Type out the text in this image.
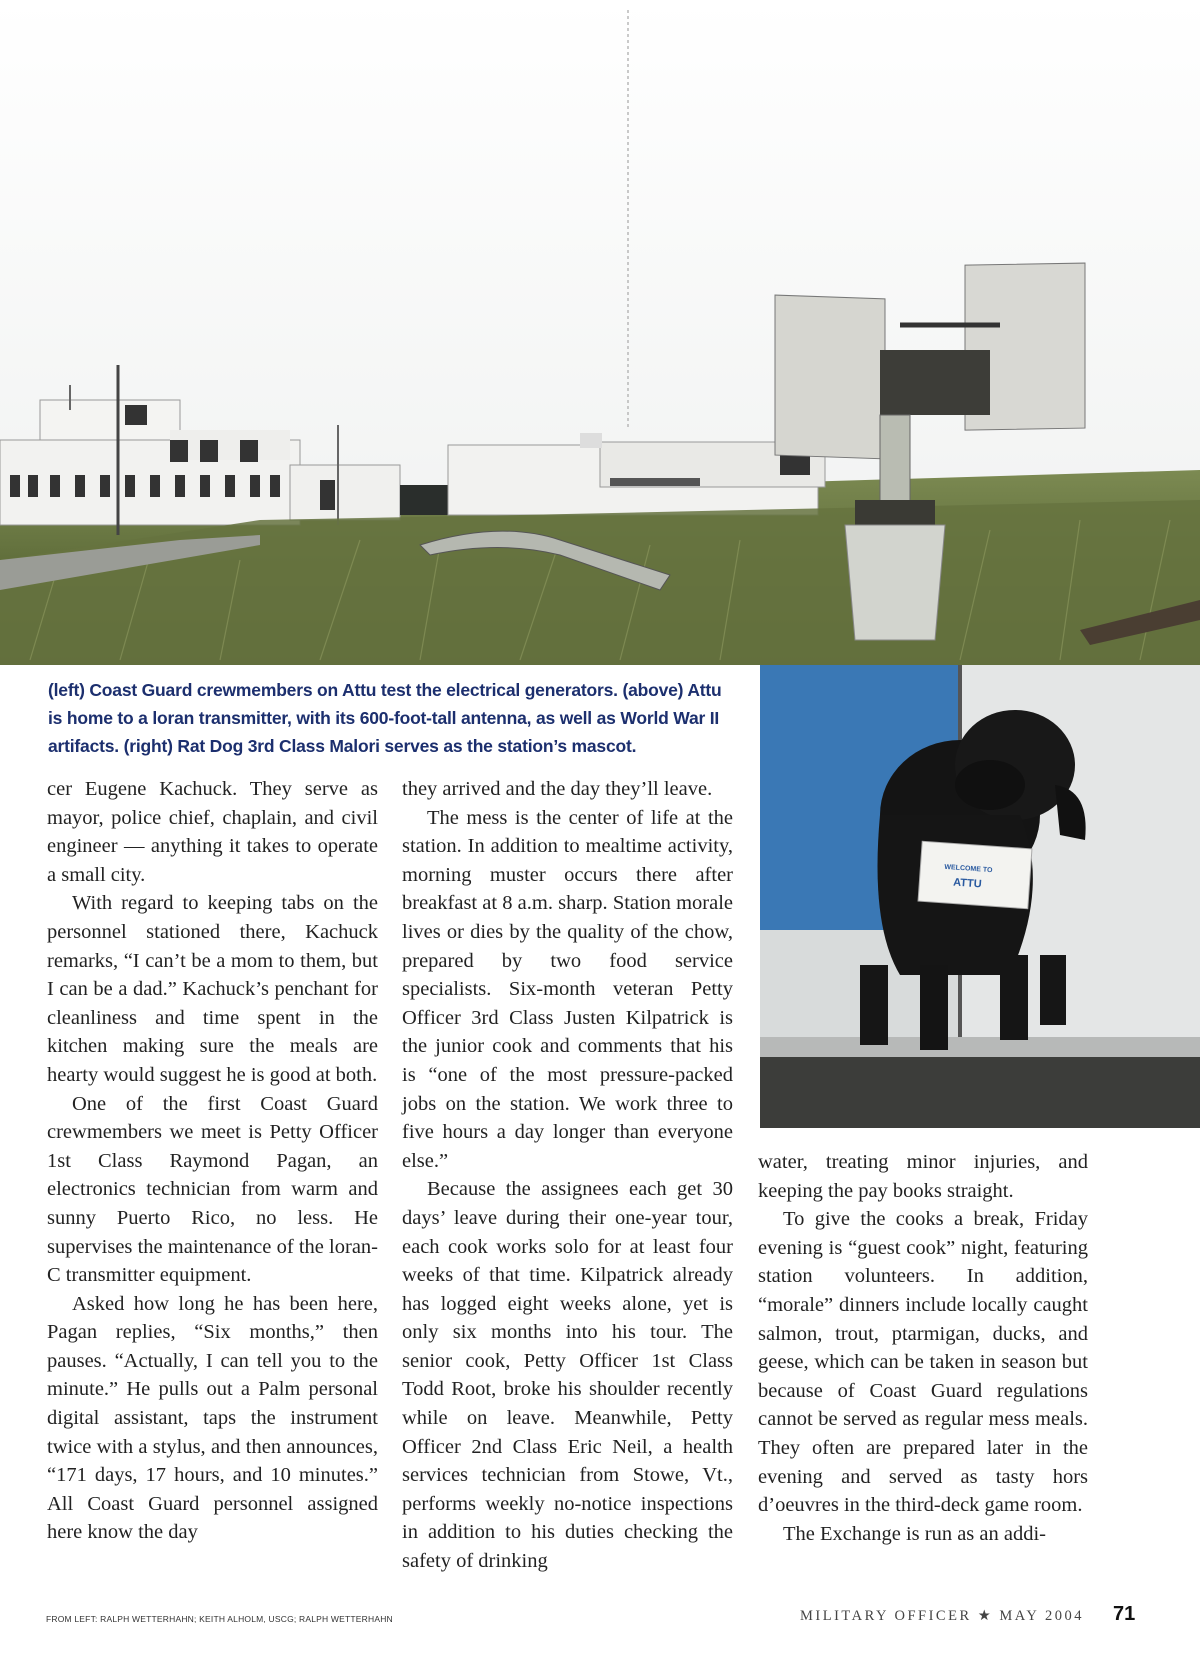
WELCOME TO
ATTU
(left) Coast Guard crewmembers on Attu test the electrical generators. (above) Attu
is home to a loran transmitter, with its 600-foot-tall antenna, as well as World War II
artifacts. (right) Rat Dog 3rd Class Malori serves as the station’s mascot.

cer Eugene Kachuck. They serve as mayor, police chief, chaplain, and civil engineer — anything it takes to operate a small city.

With regard to keeping tabs on the personnel stationed there, Kachuck remarks, “I can’t be a mom to them, but I can be a dad.” Kachuck’s penchant for cleanliness and time spent in the kitchen making sure the meals are hearty would suggest he is good at both.

One of the first Coast Guard crewmembers we meet is Petty Officer 1st Class Raymond Pagan, an electronics technician from warm and sunny Puerto Rico, no less. He supervises the maintenance of the loran-C transmitter equipment.

Asked how long he has been here, Pagan replies, “Six months,” then pauses. “Actually, I can tell you to the minute.” He pulls out a Palm personal digital assistant, taps the instrument twice with a stylus, and then announces, “171 days, 17 hours, and 10 minutes.” All Coast Guard personnel assigned here know the day

they arrived and the day they’ll leave.

The mess is the center of life at the station. In addition to mealtime activity, morning muster occurs there after breakfast at 8 a.m. sharp. Station morale lives or dies by the quality of the chow, prepared by two food service specialists. Six-month veteran Petty Officer 3rd Class Justen Kilpatrick is the junior cook and comments that his is “one of the most pressure-packed jobs on the station. We work three to five hours a day longer than everyone else.”

Because the assignees each get 30 days’ leave during their one-year tour, each cook works solo for at least four weeks of that time. Kilpatrick already has logged eight weeks alone, yet is only six months into his tour. The senior cook, Petty Officer 1st Class Todd Root, broke his shoulder recently while on leave. Meanwhile, Petty Officer 2nd Class Eric Neil, a health services technician from Stowe, Vt., performs weekly no-notice inspections in addition to his duties checking the safety of drinking

water, treating minor injuries, and keeping the pay books straight.

To give the cooks a break, Friday evening is “guest cook” night, featuring station volunteers. In addition, “morale” dinners include locally caught salmon, trout, ptarmigan, ducks, and geese, which can be taken in season but because of Coast Guard regulations cannot be served as regular mess meals. They often are prepared later in the evening and served as tasty hors d’oeuvres in the third-deck game room.

The Exchange is run as an addi-

FROM LEFT: RALPH WETTERHAHN; KEITH ALHOLM, USCG; RALPH WETTERHAHN	MILITARY OFFICER ★ MAY 2004 71
